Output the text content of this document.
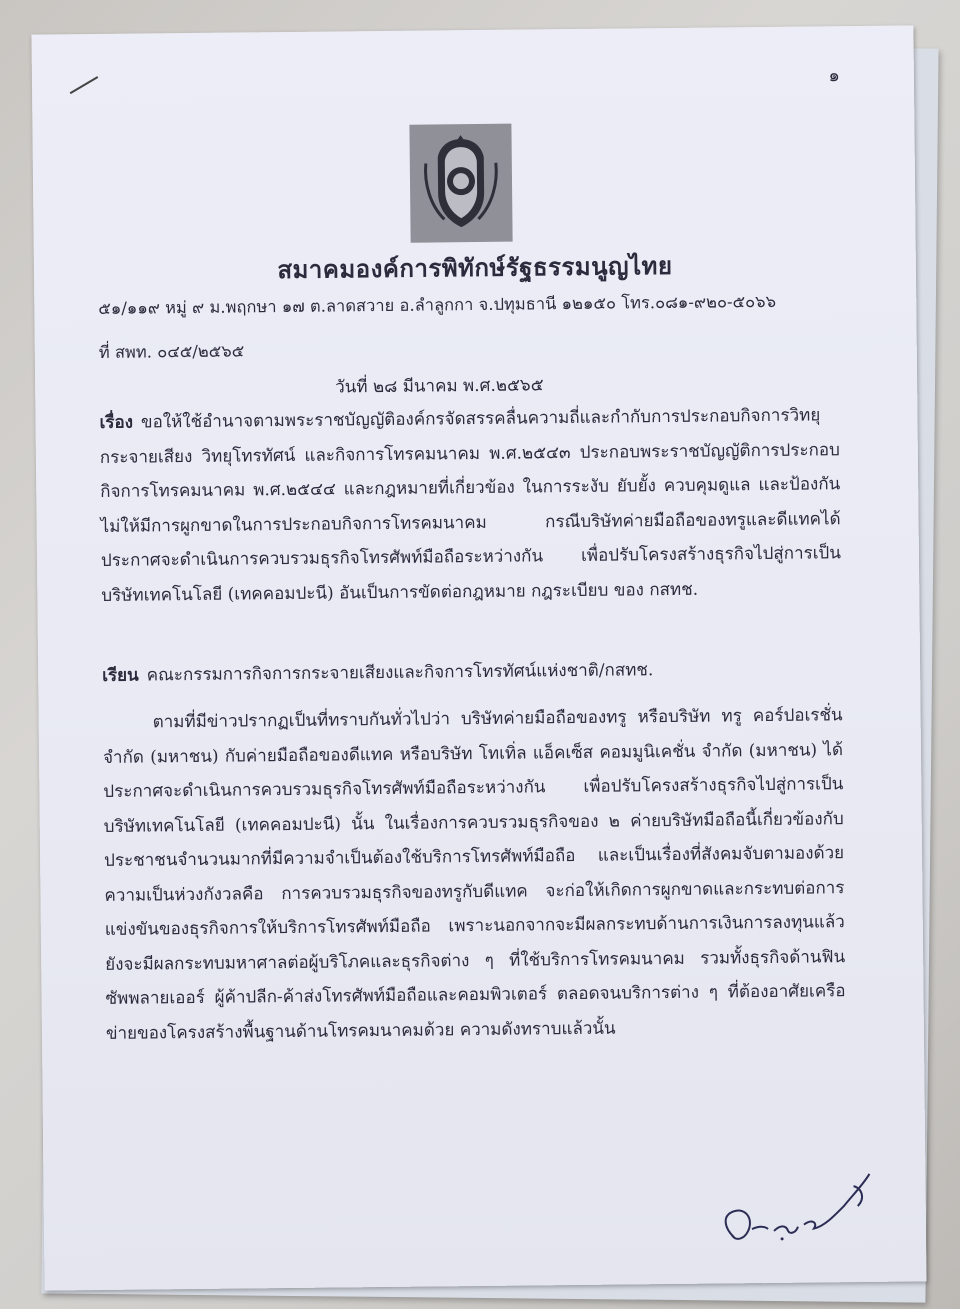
๑
สมาคมองค์การพิทักษ์รัฐธรรมนูญไทย
๕๑/๑๑๙ หมู่ ๙ ม.พฤกษา ๑๗ ต.ลาดสวาย อ.ลำลูกกา จ.ปทุมธานี ๑๒๑๕๐ โทร.๐๘๑-๙๒๐-๕๐๖๖
ที่ สพท. ๐๔๕/๒๕๖๕
วันที่ ๒๘ มีนาคม พ.ศ.๒๕๖๕
เรื่อง ขอให้ใช้อำนาจตามพระราชบัญญัติองค์กรจัดสรรคลื่นความถี่และกำกับการประกอบกิจการวิทยุกระจายเสียง วิทยุโทรทัศน์ และกิจการโทรคมนาคม พ.ศ.๒๕๔๓ ประกอบพระราชบัญญัติการประกอบกิจการโทรคมนาคม พ.ศ.๒๕๔๔ และกฎหมายที่เกี่ยวข้อง ในการระงับ ยับยั้ง ควบคุมดูแล และป้องกันไม่ให้มีการผูกขาดในการประกอบกิจการโทรคมนาคม กรณีบริษัทค่ายมือถือของทรูและดีแทคได้ประกาศจะดำเนินการควบรวมธุรกิจโทรศัพท์มือถือระหว่างกัน เพื่อปรับโครงสร้างธุรกิจไปสู่การเป็นบริษัทเทคโนโลยี (เทคคอมปะนี) อันเป็นการขัดต่อกฎหมาย กฎระเบียบ ของ กสทช.
เรียน คณะกรรมการกิจการกระจายเสียงและกิจการโทรทัศน์แห่งชาติ/กสทช.
ตามที่มีข่าวปรากฏเป็นที่ทราบกันทั่วไปว่า บริษัทค่ายมือถือของทรู หรือบริษัท ทรู คอร์ปอเรชั่น จำกัด (มหาชน) กับค่ายมือถือของดีแทค หรือบริษัท โทเทิ่ล แอ็คเซ็ส คอมมูนิเคชั่น จำกัด (มหาชน) ได้ประกาศจะดำเนินการควบรวมธุรกิจโทรศัพท์มือถือระหว่างกัน เพื่อปรับโครงสร้างธุรกิจไปสู่การเป็นบริษัทเทคโนโลยี (เทคคอมปะนี) นั้น ในเรื่องการควบรวมธุรกิจของ ๒ ค่ายบริษัทมือถือนี้เกี่ยวข้องกับประชาชนจำนวนมากที่มีความจำเป็นต้องใช้บริการโทรศัพท์มือถือ และเป็นเรื่องที่สังคมจับตามองด้วยความเป็นห่วงกังวลคือ การควบรวมธุรกิจของทรูกับดีแทค จะก่อให้เกิดการผูกขาดและกระทบต่อการแข่งขันของธุรกิจการให้บริการโทรศัพท์มือถือ เพราะนอกจากจะมีผลกระทบด้านการเงินการลงทุนแล้ว ยังจะมีผลกระทบมหาศาลต่อผู้บริโภคและธุรกิจต่าง ๆ ที่ใช้บริการโทรคมนาคม รวมทั้งธุรกิจด้านฟินซัพพลายเออร์ ผู้ค้าปลีก-ค้าส่งโทรศัพท์มือถือและคอมพิวเตอร์ ตลอดจนบริการต่าง ๆ ที่ต้องอาศัยเครือข่ายของโครงสร้างพื้นฐานด้านโทรคมนาคมด้วย ความดังทราบแล้วนั้น
